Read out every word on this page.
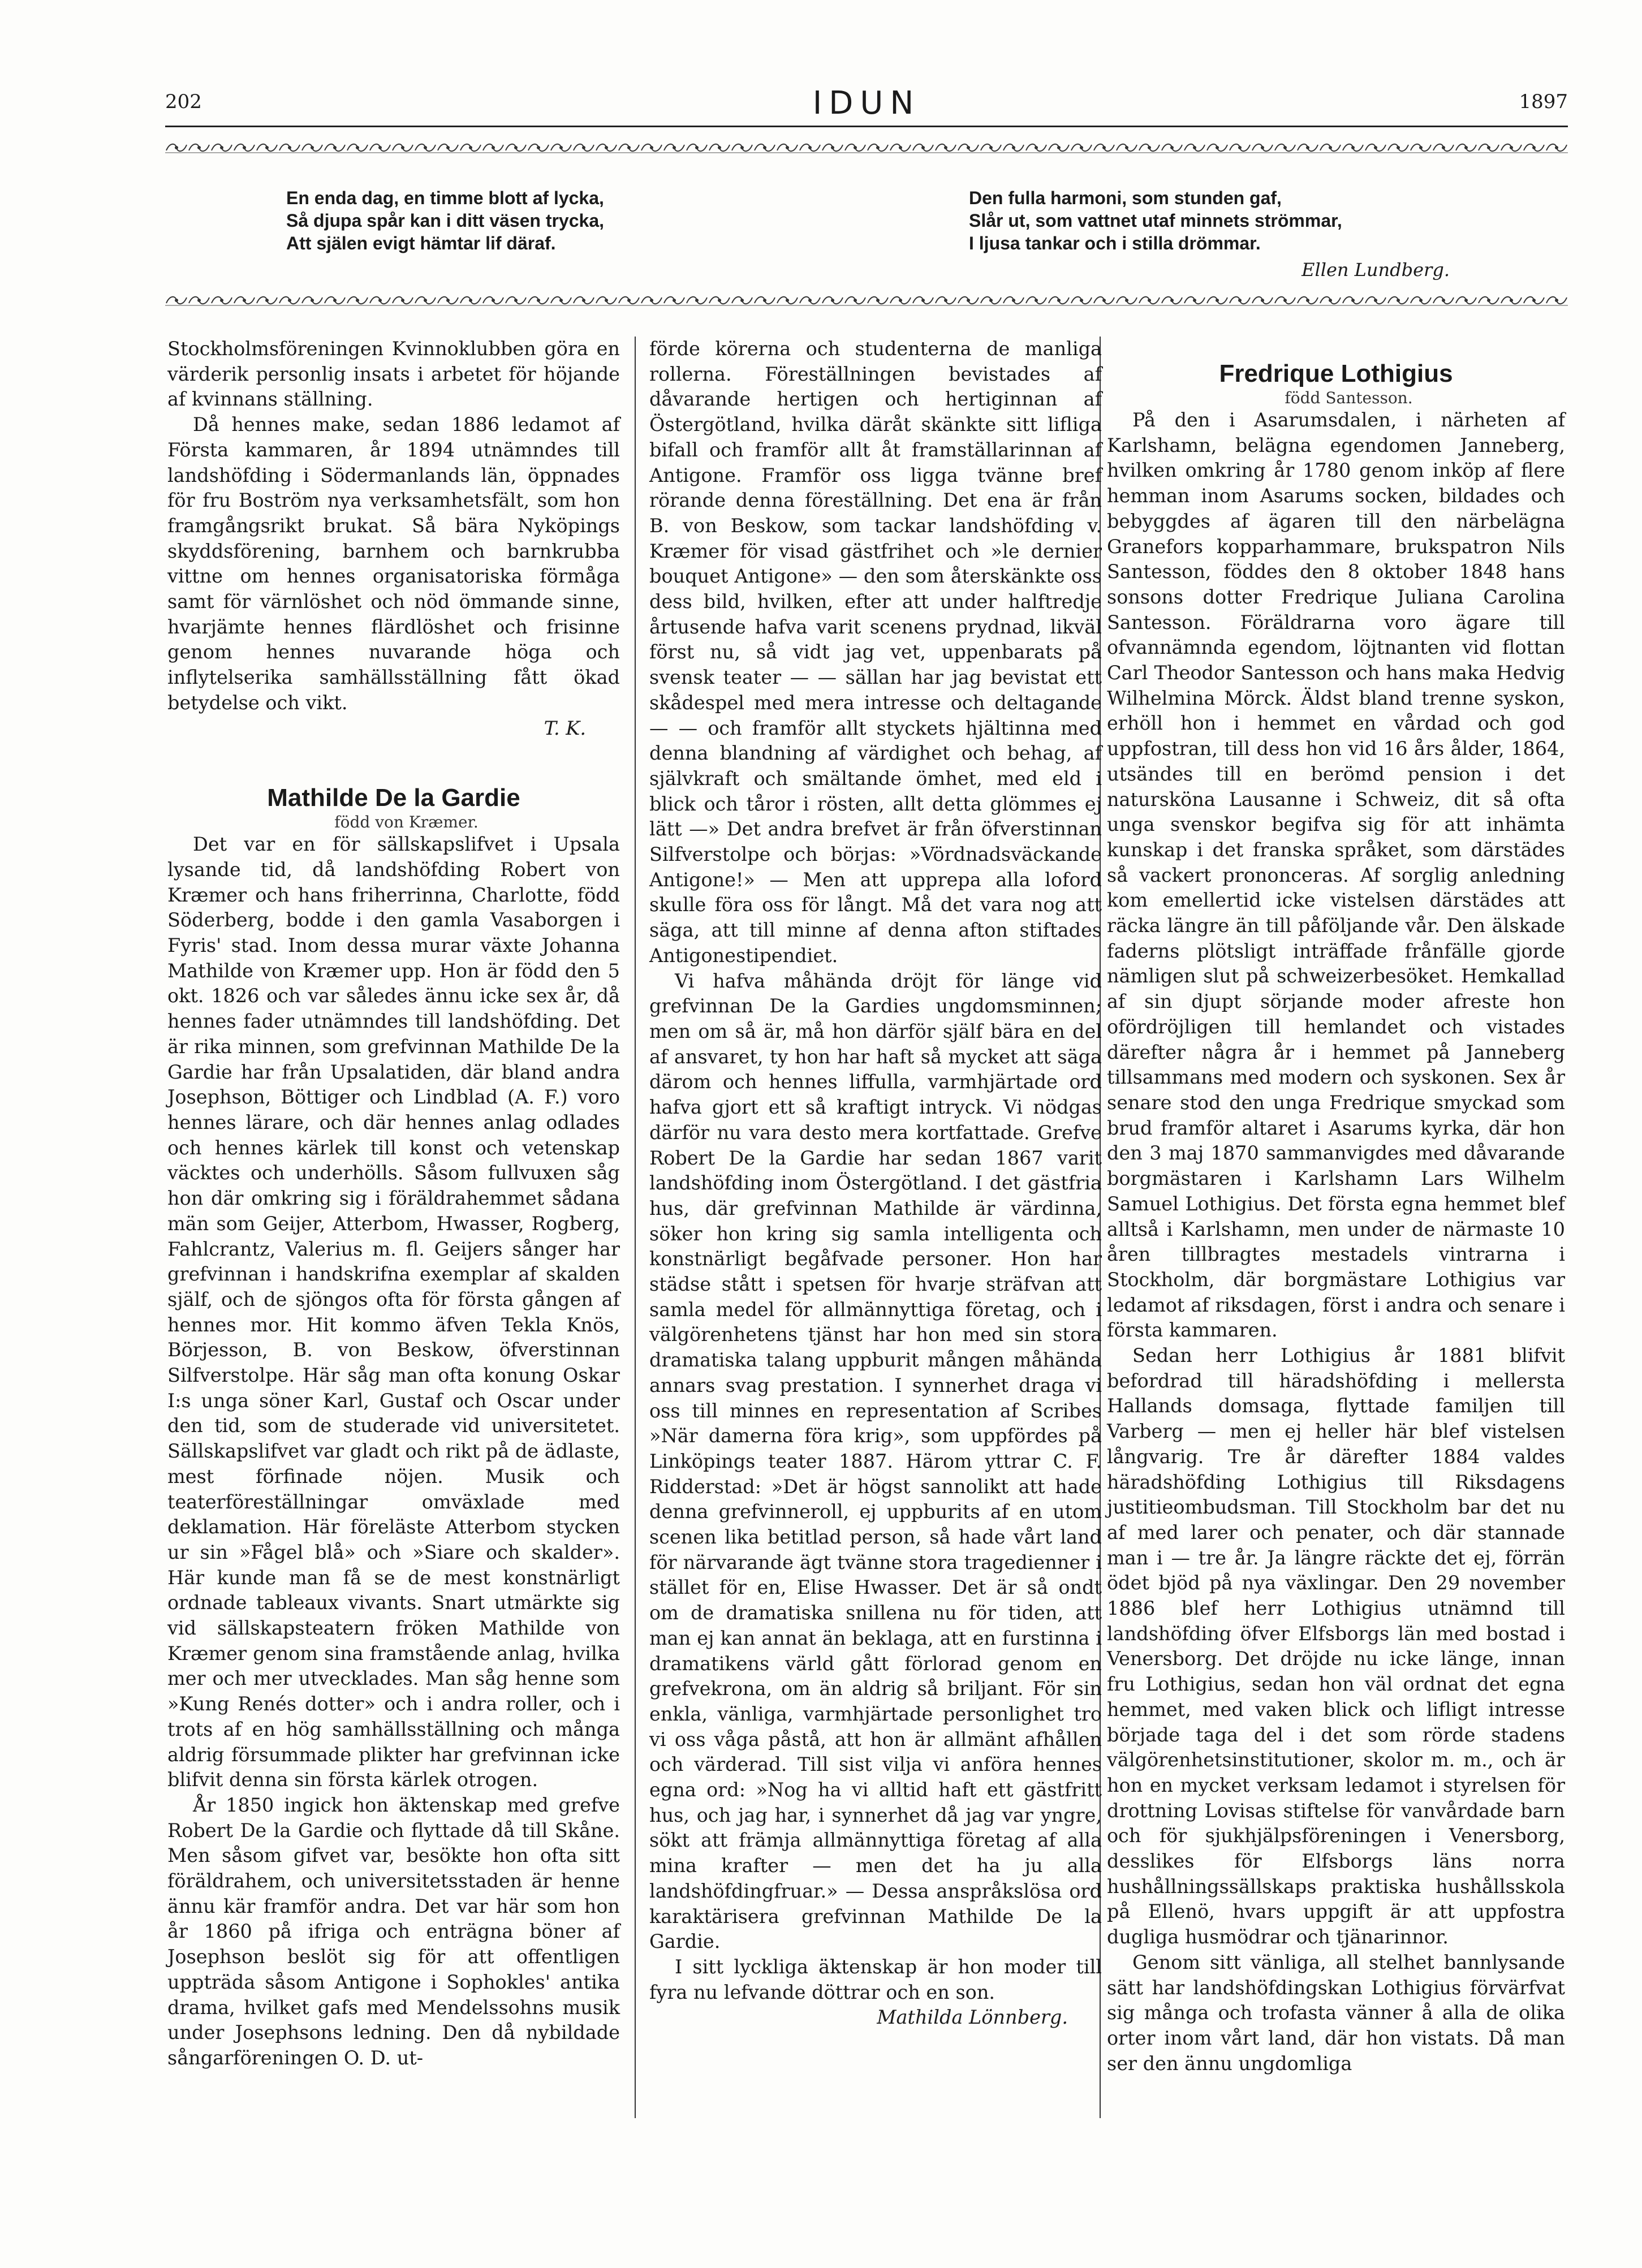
202	IDUN	1897
En enda dag, en timme blott af lycka,
Så djupa spår kan i ditt väsen trycka,
Att själen evigt hämtar lif däraf.
Den fulla harmoni, som stunden gaf,
Slår ut, som vattnet utaf minnets strömmar,
I ljusa tankar och i stilla drömmar.
Ellen Lundberg.

Stockholmsföreningen Kvinnoklubben göra en värderik personlig insats i arbetet för höjande af kvinnans ställning.

Då hennes make, sedan 1886 ledamot af Första kammaren, år 1894 utnämndes till landshöfding i Södermanlands län, öppnades för fru Boström nya verksamhetsfält, som hon framgångsrikt brukat. Så bära Nyköpings skyddsförening, barnhem och barnkrubba vittne om hennes organisatoriska förmåga samt för värnlöshet och nöd ömmande sinne, hvarjämte hennes flärdlöshet och frisinne genom hennes nuvarande höga och inflytelserika samhällsställning fått ökad betydelse och vikt.

T. K.

Mathilde De la Gardie

född von Kræmer.

Det var en för sällskapslifvet i Upsala lysande tid, då landshöfding Robert von Kræmer och hans friherrinna, Charlotte, född Söderberg, bodde i den gamla Vasaborgen i Fyris' stad. Inom dessa murar växte Johanna Mathilde von Kræmer upp. Hon är född den 5 okt. 1826 och var således ännu icke sex år, då hennes fader utnämndes till landshöfding. Det är rika minnen, som grefvinnan Mathilde De la Gardie har från Upsalatiden, där bland andra Josephson, Böttiger och Lindblad (A. F.) voro hennes lärare, och där hennes anlag odlades och hennes kärlek till konst och vetenskap väcktes och underhölls. Såsom fullvuxen såg hon där omkring sig i föräldrahemmet sådana män som Geijer, Atterbom, Hwasser, Rogberg, Fahlcrantz, Valerius m. fl. Geijers sånger har grefvinnan i handskrifna exemplar af skalden själf, och de sjöngos ofta för första gången af hennes mor. Hit kommo äfven Tekla Knös, Börjesson, B. von Beskow, öfverstinnan Silfverstolpe. Här såg man ofta konung Oskar I:s unga söner Karl, Gustaf och Oscar under den tid, som de studerade vid universitetet. Sällskapslifvet var gladt och rikt på de ädlaste, mest förfinade nöjen. Musik och teaterföreställningar omväxlade med deklamation. Här föreläste Atterbom stycken ur sin »Fågel blå» och »Siare och skalder». Här kunde man få se de mest konstnärligt ordnade tableaux vivants. Snart utmärkte sig vid sällskapsteatern fröken Mathilde von Kræmer genom sina framstående anlag, hvilka mer och mer utvecklades. Man såg henne som »Kung Renés dotter» och i andra roller, och i trots af en hög samhällsställning och många aldrig försummade plikter har grefvinnan icke blifvit denna sin första kärlek otrogen.

År 1850 ingick hon äktenskap med grefve Robert De la Gardie och flyttade då till Skåne. Men såsom gifvet var, besökte hon ofta sitt föräldrahem, och universitetsstaden är henne ännu kär framför andra. Det var här som hon år 1860 på ifriga och enträgna böner af Josephson beslöt sig för att offentligen uppträda såsom Antigone i Sophokles' antika drama, hvilket gafs med Mendelssohns musik under Josephsons ledning. Den då nybildade sångarföreningen O. D. ut-

förde körerna och studenterna de manliga rollerna. Föreställningen bevistades af dåvarande hertigen och hertiginnan af Östergötland, hvilka däråt skänkte sitt lifliga bifall och framför allt åt framställarinnan af Antigone. Framför oss ligga tvänne bref rörande denna föreställning. Det ena är från B. von Beskow, som tackar landshöfding v. Kræmer för visad gästfrihet och »le dernier bouquet Antigone» — den som återskänkte oss dess bild, hvilken, efter att under halftredje årtusende hafva varit scenens prydnad, likväl först nu, så vidt jag vet, uppenbarats på svensk teater — — sällan har jag bevistat ett skådespel med mera intresse och deltagande — — och framför allt styckets hjältinna med denna blandning af värdighet och behag, af självkraft och smältande ömhet, med eld i blick och tåror i rösten, allt detta glömmes ej lätt —» Det andra brefvet är från öfverstinnan Silfverstolpe och börjas: »Vördnadsväckande Antigone!» — Men att upprepa alla loford skulle föra oss för långt. Må det vara nog att säga, att till minne af denna afton stiftades Antigonestipendiet.

Vi hafva måhända dröjt för länge vid grefvinnan De la Gardies ungdomsminnen; men om så är, må hon därför själf bära en del af ansvaret, ty hon har haft så mycket att säga därom och hennes liffulla, varmhjärtade ord hafva gjort ett så kraftigt intryck. Vi nödgas därför nu vara desto mera kortfattade. Grefve Robert De la Gardie har sedan 1867 varit landshöfding inom Östergötland. I det gästfria hus, där grefvinnan Mathilde är värdinna, söker hon kring sig samla intelligenta och konstnärligt begåfvade personer. Hon har städse stått i spetsen för hvarje sträfvan att samla medel för allmännyttiga företag, och i välgörenhetens tjänst har hon med sin stora dramatiska talang uppburit mången måhända annars svag prestation. I synnerhet draga vi oss till minnes en representation af Scribes »När damerna föra krig», som uppfördes på Linköpings teater 1887. Härom yttrar C. F. Ridderstad: »Det är högst sannolikt att hade denna grefvinneroll, ej uppburits af en utom scenen lika betitlad person, så hade vårt land för närvarande ägt tvänne stora tragedienner i stället för en, Elise Hwasser. Det är så ondt om de dramatiska snillena nu för tiden, att man ej kan annat än beklaga, att en furstinna i dramatikens värld gått förlorad genom en grefvekrona, om än aldrig så briljant. För sin enkla, vänliga, varmhjärtade personlighet tro vi oss våga påstå, att hon är allmänt afhållen och värderad. Till sist vilja vi anföra hennes egna ord: »Nog ha vi alltid haft ett gästfritt hus, och jag har, i synnerhet då jag var yngre, sökt att främja allmännyttiga företag af alla mina krafter — men det ha ju alla landshöfdingfruar.» — Dessa anspråkslösa ord karaktärisera grefvinnan Mathilde De la Gardie.

I sitt lyckliga äktenskap är hon moder till fyra nu lefvande döttrar och en son.

Mathilda Lönnberg.

Fredrique Lothigius

född Santesson.

På den i Asarumsdalen, i närheten af Karlshamn, belägna egendomen Janneberg, hvilken omkring år 1780 genom inköp af flere hemman inom Asarums socken, bildades och bebyggdes af ägaren till den närbelägna Granefors kopparhammare, brukspatron Nils Santesson, föddes den 8 oktober 1848 hans sonsons dotter Fredrique Juliana Carolina Santesson. Föräldrarna voro ägare till ofvannämnda egendom, löjtnanten vid flottan Carl Theodor Santesson och hans maka Hedvig Wilhelmina Mörck. Äldst bland trenne syskon, erhöll hon i hemmet en vårdad och god uppfostran, till dess hon vid 16 års ålder, 1864, utsändes till en berömd pension i det natursköna Lausanne i Schweiz, dit så ofta unga svenskor begifva sig för att inhämta kunskap i det franska språket, som därstädes så vackert prononceras. Af sorglig anledning kom emellertid icke vistelsen därstädes att räcka längre än till påföljande vår. Den älskade faderns plötsligt inträffade frånfälle gjorde nämligen slut på schweizerbesöket. Hemkallad af sin djupt sörjande moder afreste hon ofördröjligen till hemlandet och vistades därefter några år i hemmet på Janneberg tillsammans med modern och syskonen. Sex år senare stod den unga Fredrique smyckad som brud framför altaret i Asarums kyrka, där hon den 3 maj 1870 sammanvigdes med dåvarande borgmästaren i Karlshamn Lars Wilhelm Samuel Lothigius. Det första egna hemmet blef alltså i Karlshamn, men under de närmaste 10 åren tillbragtes mestadels vintrarna i Stockholm, där borgmästare Lothigius var ledamot af riksdagen, först i andra och senare i första kammaren.

Sedan herr Lothigius år 1881 blifvit befordrad till häradshöfding i mellersta Hallands domsaga, flyttade familjen till Varberg — men ej heller här blef vistelsen långvarig. Tre år därefter 1884 valdes häradshöfding Lothigius till Riksdagens justitieombudsman. Till Stockholm bar det nu af med larer och penater, och där stannade man i — tre år. Ja längre räckte det ej, förrän ödet bjöd på nya växlingar. Den 29 november 1886 blef herr Lothigius utnämnd till landshöfding öfver Elfsborgs län med bostad i Venersborg. Det dröjde nu icke länge, innan fru Lothigius, sedan hon väl ordnat det egna hemmet, med vaken blick och lifligt intresse började taga del i det som rörde stadens välgörenhetsinstitutioner, skolor m. m., och är hon en mycket verksam ledamot i styrelsen för drottning Lovisas stiftelse för vanvårdade barn och för sjukhjälpsföreningen i Venersborg, desslikes för Elfsborgs läns norra hushållningssällskaps praktiska hushållsskola på Ellenö, hvars uppgift är att uppfostra dugliga husmödrar och tjänarinnor.

Genom sitt vänliga, all stelhet bannlysande sätt har landshöfdingskan Lothigius förvärfvat sig många och trofasta vänner å alla de olika orter inom vårt land, där hon vistats. Då man ser den ännu ungdomliga
